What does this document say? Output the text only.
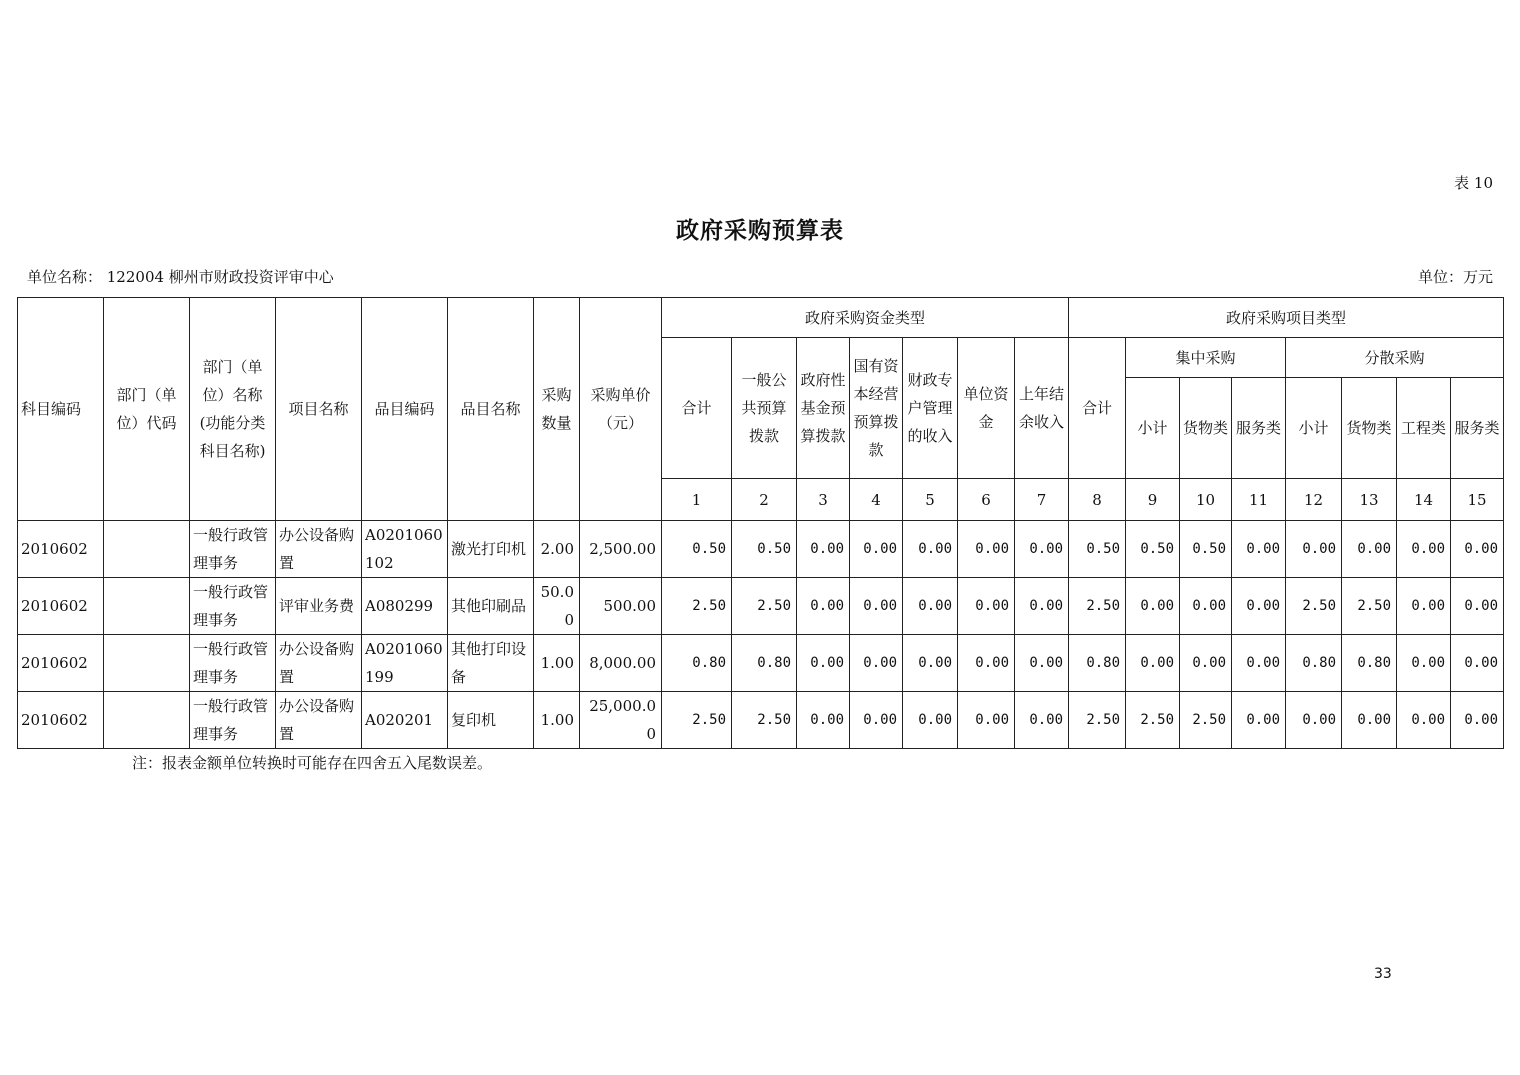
表 10
政府采购预算表
单位名称： 122004 柳州市财政投资评审中心	单位：万元
科目编码	部门（单位）代码	部门（单位）名称(功能分类科目名称)	项目名称	品目编码	品目名称	采购数量	采购单价（元）	政府采购资金类型							政府采购项目类型							
								合计	一般公共预算拨款	政府性基金预算拨款	国有资本经营预算拨款	财政专户管理的收入	单位资金	上年结余收入	合计	集中采购			分散采购			
																小计	货物类	服务类	小计	货物类	工程类	服务类
								1	2	3	4	5	6	7	8	9	10	11	12	13	14	15
2010602		一般行政管理事务	办公设备购置	A0201060102	激光打印机	2.00	2,500.00	0.50	0.50	0.00	0.00	0.00	0.00	0.00	0.50	0.50	0.50	0.00	0.00	0.00	0.00	0.00
2010602		一般行政管理事务	评审业务费	A080299	其他印刷品	50.00	500.00	2.50	2.50	0.00	0.00	0.00	0.00	0.00	2.50	0.00	0.00	0.00	2.50	2.50	0.00	0.00
2010602		一般行政管理事务	办公设备购置	A0201060199	其他打印设备	1.00	8,000.00	0.80	0.80	0.00	0.00	0.00	0.00	0.00	0.80	0.00	0.00	0.00	0.80	0.80	0.00	0.00
2010602		一般行政管理事务	办公设备购置	A020201	复印机	1.00	25,000.00	2.50	2.50	0.00	0.00	0.00	0.00	0.00	2.50	2.50	2.50	0.00	0.00	0.00	0.00	0.00
注：报表金额单位转换时可能存在四舍五入尾数误差。
33
